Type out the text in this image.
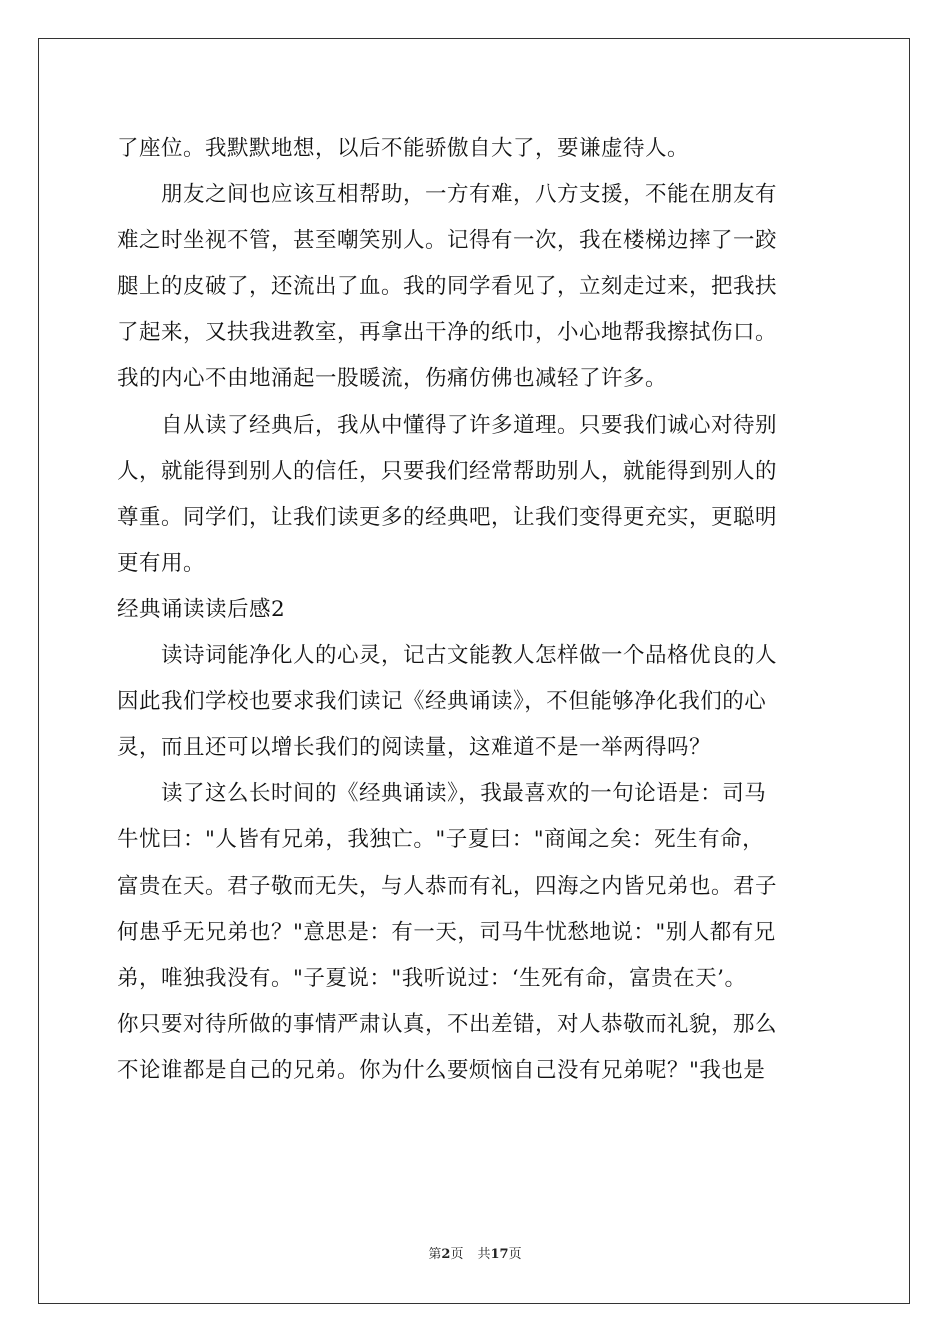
了座位。我默默地想，以后不能骄傲自大了，要谦虚待人。
　　朋友之间也应该互相帮助，一方有难，八方支援，不能在朋友有
难之时坐视不管，甚至嘲笑别人。记得有一次，我在楼梯边摔了一跤
腿上的皮破了，还流出了血。我的同学看见了，立刻走过来，把我扶
了起来，又扶我进教室，再拿出干净的纸巾，小心地帮我擦拭伤口。
我的内心不由地涌起一股暖流，伤痛仿佛也减轻了许多。
　　自从读了经典后，我从中懂得了许多道理。只要我们诚心对待别
人，就能得到别人的信任，只要我们经常帮助别人，就能得到别人的
尊重。同学们，让我们读更多的经典吧，让我们变得更充实，更聪明
更有用。
经典诵读读后感2
　　读诗词能净化人的心灵，记古文能教人怎样做一个品格优良的人
因此我们学校也要求我们读记《经典诵读》，不但能够净化我们的心
灵，而且还可以增长我们的阅读量，这难道不是一举两得吗？
　　读了这么长时间的《经典诵读》，我最喜欢的一句论语是：司马
牛忧曰："人皆有兄弟，我独亡。"子夏曰："商闻之矣：死生有命，
富贵在天。君子敬而无失，与人恭而有礼，四海之内皆兄弟也。君子
何患乎无兄弟也？"意思是：有一天，司马牛忧愁地说："别人都有兄
弟，唯独我没有。"子夏说："我听说过：‘生死有命，富贵在天’。
你只要对待所做的事情严肃认真，不出差错，对人恭敬而礼貌，那么
不论谁都是自己的兄弟。你为什么要烦恼自己没有兄弟呢？"我也是
第2页 共17页
